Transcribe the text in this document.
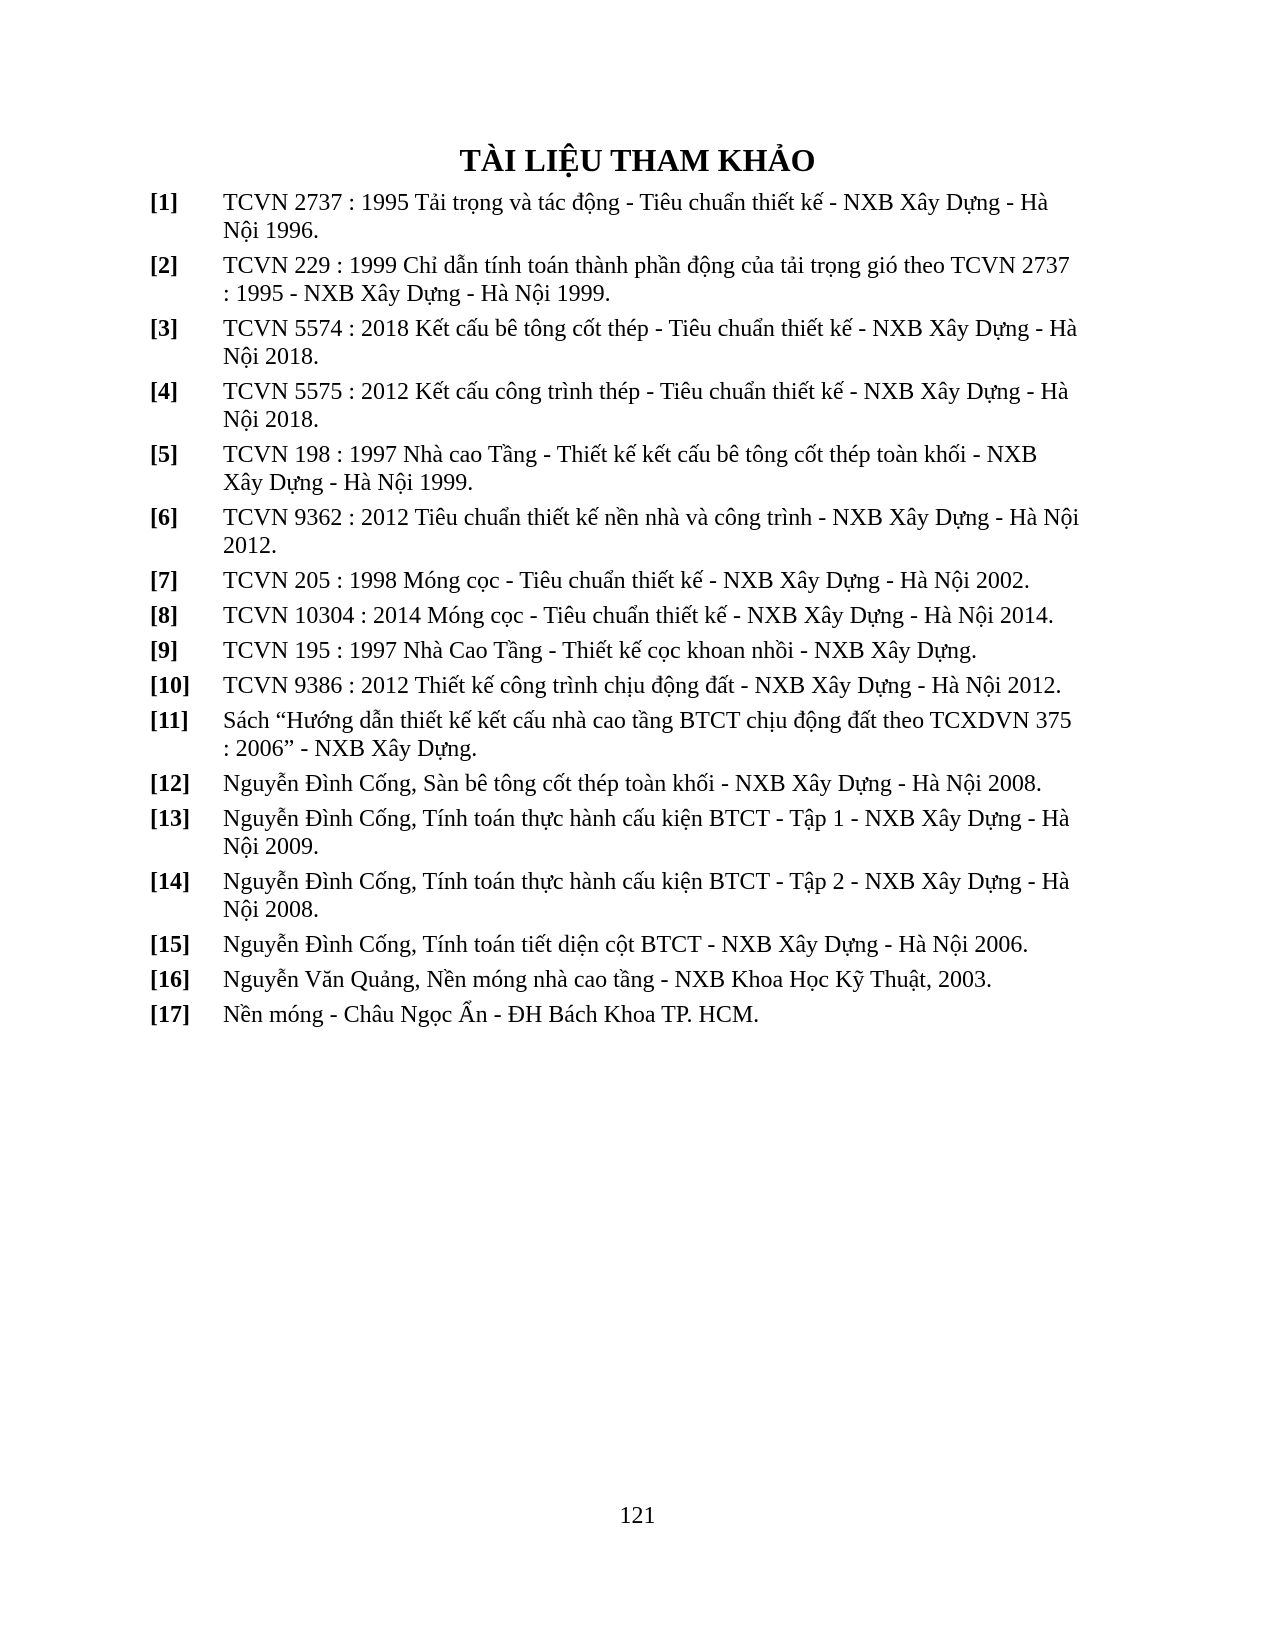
TÀI LIỆU THAM KHẢO
[1] TCVN 2737 : 1995 Tải trọng và tác động - Tiêu chuẩn thiết kế - NXB Xây Dựng - Hà Nội 1996.
[2] TCVN 229 : 1999 Chỉ dẫn tính toán thành phần động của tải trọng gió theo TCVN 2737 : 1995 - NXB Xây Dựng - Hà Nội 1999.
[3] TCVN 5574 : 2018 Kết cấu bê tông cốt thép - Tiêu chuẩn thiết kế - NXB Xây Dựng - Hà Nội 2018.
[4] TCVN 5575 : 2012 Kết cấu công trình thép - Tiêu chuẩn thiết kế - NXB Xây Dựng - Hà Nội 2018.
[5] TCVN 198 : 1997 Nhà cao Tầng - Thiết kế kết cấu bê tông cốt thép toàn khối - NXB Xây Dựng - Hà Nội 1999.
[6] TCVN 9362 : 2012 Tiêu chuẩn thiết kế nền nhà và công trình - NXB Xây Dựng - Hà Nội 2012.
[7] TCVN 205 : 1998 Móng cọc - Tiêu chuẩn thiết kế - NXB Xây Dựng - Hà Nội 2002.
[8] TCVN 10304 : 2014 Móng cọc - Tiêu chuẩn thiết kế - NXB Xây Dựng - Hà Nội 2014.
[9] TCVN 195 : 1997 Nhà Cao Tầng - Thiết kế cọc khoan nhồi - NXB Xây Dựng.
[10] TCVN 9386 : 2012 Thiết kế công trình chịu động đất - NXB Xây Dựng - Hà Nội 2012.
[11] Sách “Hướng dẫn thiết kế kết cấu nhà cao tầng BTCT chịu động đất theo TCXDVN 375 : 2006” - NXB Xây Dựng.
[12] Nguyễn Đình Cống, Sàn bê tông cốt thép toàn khối - NXB Xây Dựng - Hà Nội 2008.
[13] Nguyễn Đình Cống, Tính toán thực hành cấu kiện BTCT - Tập 1 - NXB Xây Dựng - Hà Nội 2009.
[14] Nguyễn Đình Cống, Tính toán thực hành cấu kiện BTCT - Tập 2 - NXB Xây Dựng - Hà Nội 2008.
[15] Nguyễn Đình Cống, Tính toán tiết diện cột BTCT - NXB Xây Dựng - Hà Nội 2006.
[16] Nguyễn Văn Quảng, Nền móng nhà cao tầng - NXB Khoa Học Kỹ Thuật, 2003.
[17] Nền móng - Châu Ngọc Ẩn - ĐH Bách Khoa TP. HCM.
121
